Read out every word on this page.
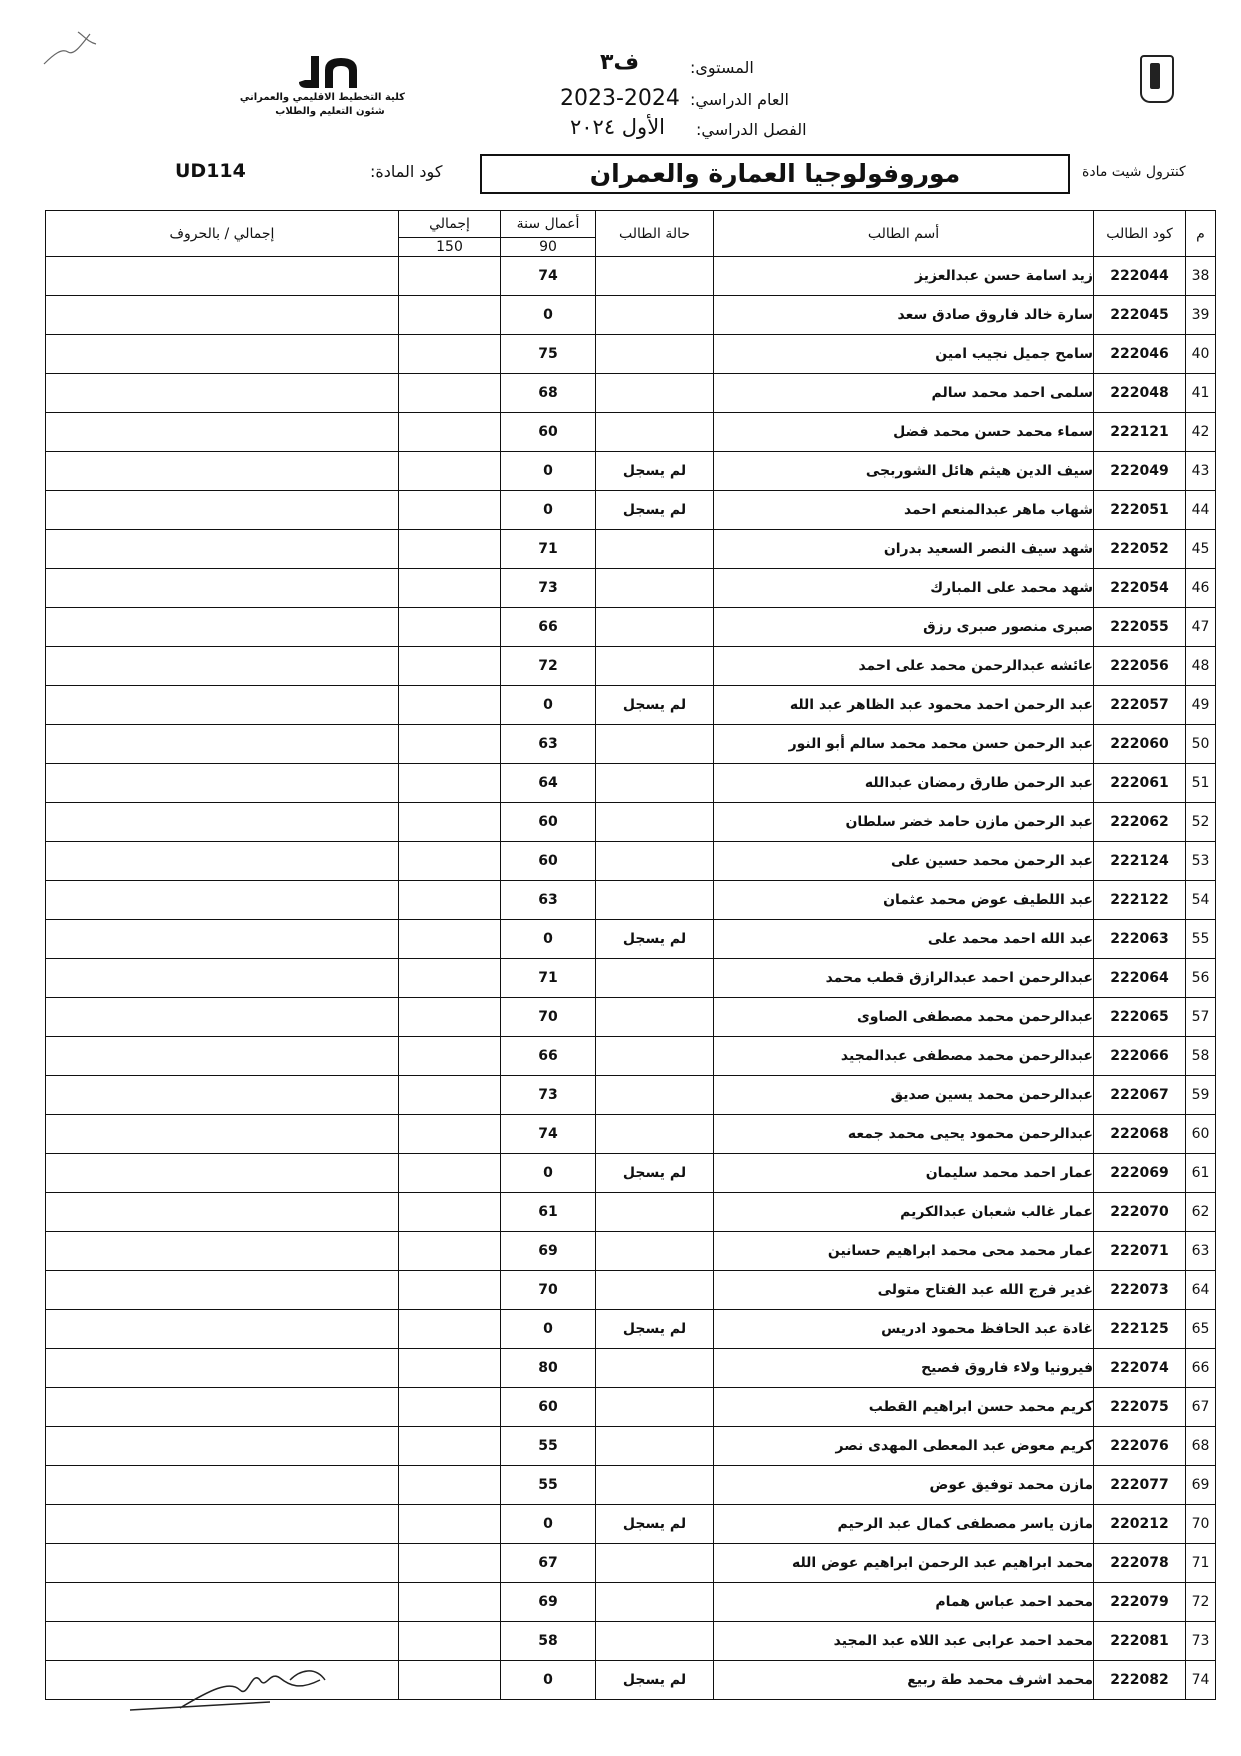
كلية التخطيط الاقليمي والعمراني
شئون التعليم والطلاب
المستوى:
ف٣
العام الدراسي:
2023-2024
الفصل الدراسي:
الأول ٢٠٢٤
UD114	كود المادة:	موروفولوجيا العمارة والعمران	كنترول شيت مادة
م	كود الطالب	أسم الطالب	حالة الطالب	أعمال سنة	إجمالي	إجمالي / بالحروف
				90	150	
38	222044	زيد اسامة حسن عبدالعزيز		74		
39	222045	سارة خالد فاروق صادق سعد		0		
40	222046	سامح جميل نجيب امين		75		
41	222048	سلمى احمد محمد سالم		68		
42	222121	سماء محمد حسن محمد فضل		60		
43	222049	سيف الدين هيثم هائل الشوربجى	لم يسجل	0		
44	222051	شهاب ماهر عبدالمنعم احمد	لم يسجل	0		
45	222052	شهد سيف النصر السعيد بدران		71		
46	222054	شهد محمد على المبارك		73		
47	222055	صبرى منصور صبرى رزق		66		
48	222056	عائشه عبدالرحمن محمد على احمد		72		
49	222057	عبد الرحمن احمد محمود عبد الظاهر عبد الله	لم يسجل	0		
50	222060	عبد الرحمن حسن محمد محمد سالم أبو النور		63		
51	222061	عبد الرحمن طارق رمضان عبدالله		64		
52	222062	عبد الرحمن مازن حامد خضر سلطان		60		
53	222124	عبد الرحمن محمد حسين على		60		
54	222122	عبد اللطيف عوض محمد عثمان		63		
55	222063	عبد الله احمد محمد على	لم يسجل	0		
56	222064	عبدالرحمن احمد عبدالرازق قطب محمد		71		
57	222065	عبدالرحمن محمد مصطفى الصاوى		70		
58	222066	عبدالرحمن محمد مصطفى عبدالمجيد		66		
59	222067	عبدالرحمن محمد يسين صديق		73		
60	222068	عبدالرحمن محمود يحيى محمد جمعه		74		
61	222069	عمار احمد محمد سليمان	لم يسجل	0		
62	222070	عمار غالب شعبان عبدالكريم		61		
63	222071	عمار محمد محى محمد ابراهيم حسانين		69		
64	222073	غدير فرج الله عبد الفتاح متولى		70		
65	222125	غادة عبد الحافظ محمود ادريس	لم يسجل	0		
66	222074	فيرونيا ولاء فاروق فصيح		80		
67	222075	كريم محمد حسن ابراهيم القطب		60		
68	222076	كريم معوض عبد المعطى المهدى نصر		55		
69	222077	مازن محمد توفيق عوض		55		
70	220212	مازن ياسر مصطفى كمال عبد الرحيم	لم يسجل	0		
71	222078	محمد ابراهيم عبد الرحمن ابراهيم عوض الله		67		
72	222079	محمد احمد عباس همام		69		
73	222081	محمد احمد عرابى عبد اللاه عبد المجيد		58		
74	222082	محمد اشرف محمد طة ربيع	لم يسجل	0		
